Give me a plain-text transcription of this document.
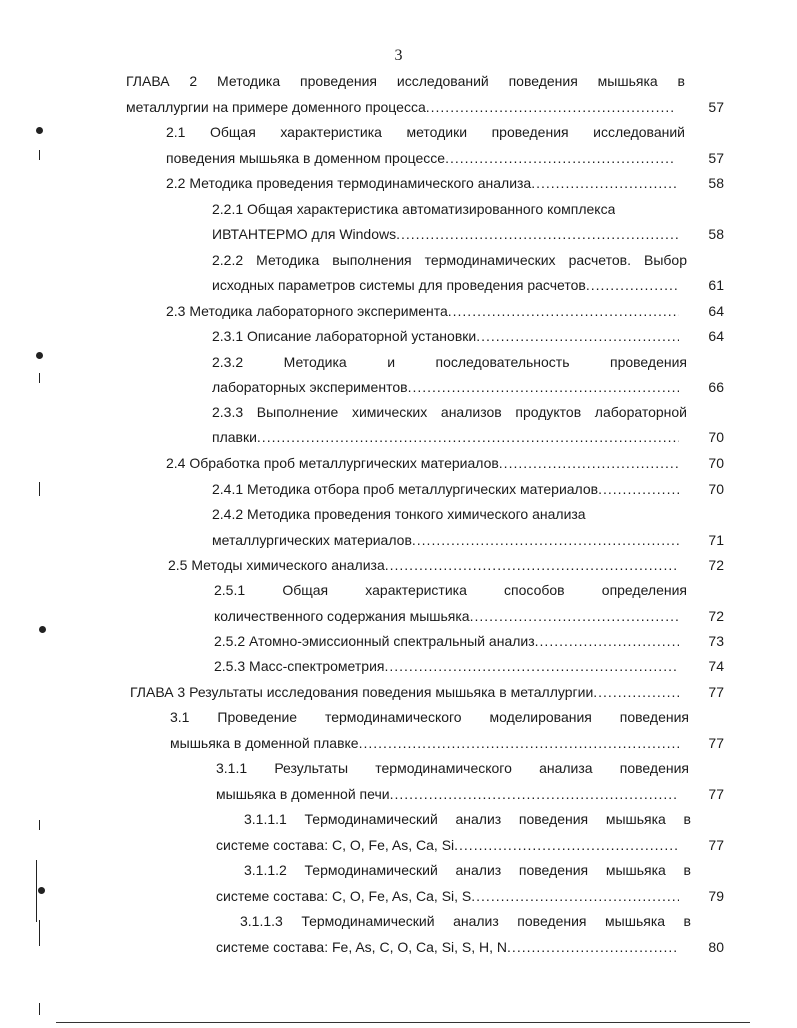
3
ГЛАВА 2 Методика проведения исследований поведения мышьяка в
металлургии на примере доменного процесса .....	57
2.1 Общая характеристика методики проведения исследований
поведения мышьяка в доменном процессе .....	57
2.2 Методика проведения термодинамического анализа .....	58
2.2.1 Общая характеристика автоматизированного комплекса
ИВТАНТЕРМО для Windows .....	58
2.2.2 Методика выполнения термодинамических расчетов. Выбор
исходных параметров системы для проведения расчетов .....	61
2.3 Методика лабораторного эксперимента .....	64
2.3.1 Описание лабораторной установки .....	64
2.3.2 Методика и последовательность проведения
лабораторных экспериментов .....	66
2.3.3 Выполнение химических анализов продуктов лабораторной
плавки .....	70
2.4 Обработка проб металлургических материалов .....	70
2.4.1 Методика отбора проб металлургических материалов .....	70
2.4.2 Методика проведения тонкого химического анализа
металлургических материалов .....	71
2.5 Методы химического анализа .....	72
2.5.1 Общая характеристика способов определения
количественного содержания мышьяка .....	72
2.5.2 Атомно-эмиссионный спектральный анализ .....	73
2.5.3 Масс-спектрометрия .....	74
ГЛАВА 3 Результаты исследования поведения мышьяка в металлургии .....	77
3.1 Проведение термодинамического моделирования поведения
мышьяка в доменной плавке .....	77
3.1.1 Результаты термодинамического анализа поведения
мышьяка в доменной печи .....	77
3.1.1.1 Термодинамический анализ поведения мышьяка в
системе состава: C, O, Fe, As, Ca, Si .....	77
3.1.1.2 Термодинамический анализ поведения мышьяка в
системе состава: C, O, Fe, As, Ca, Si, S .....	79
3.1.1.3 Термодинамический анализ поведения мышьяка в
системе состава: Fe, As, C, O, Ca, Si, S, H, N .....	80
